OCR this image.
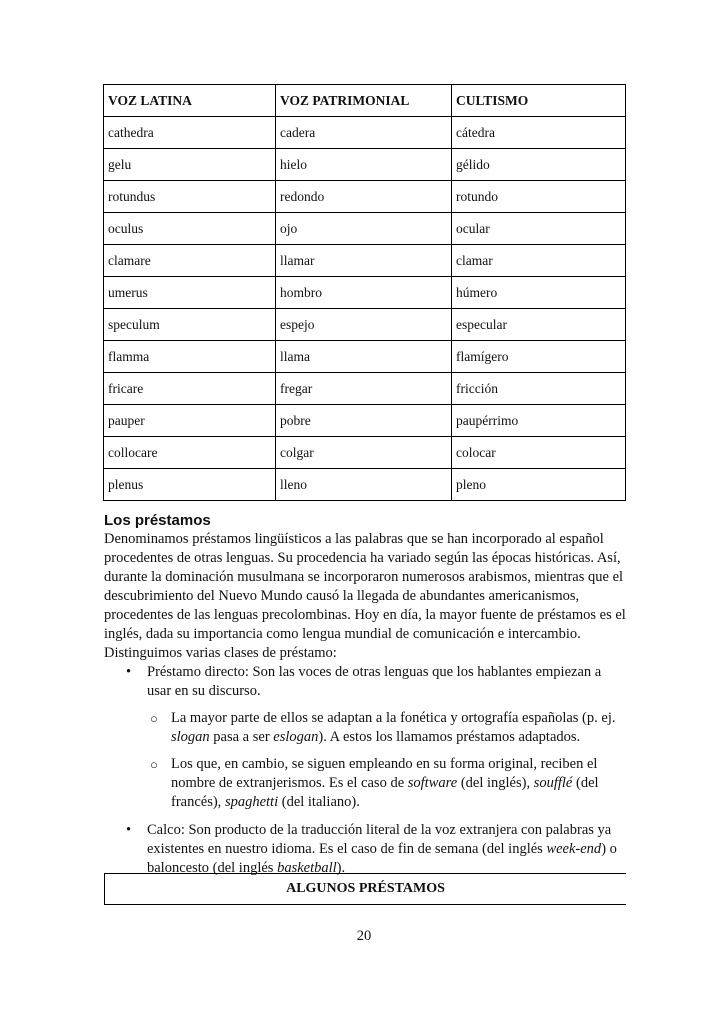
VOZ LATINA	VOZ PATRIMONIAL	CULTISMO
cathedra	cadera	cátedra
gelu	hielo	gélido
rotundus	redondo	rotundo
oculus	ojo	ocular
clamare	llamar	clamar
umerus	hombro	húmero
speculum	espejo	especular
flamma	llama	flamígero
fricare	fregar	fricción
pauper	pobre	paupérrimo
collocare	colgar	colocar
plenus	lleno	pleno
Los préstamos

Denominamos préstamos lingüísticos a las palabras que se han incorporado al español procedentes de otras lenguas. Su procedencia ha variado según las épocas históricas. Así, durante la dominación musulmana se incorporaron numerosos arabismos, mientras que el descubrimiento del Nuevo Mundo causó la llegada de abundantes americanismos, procedentes de las lenguas precolombinas. Hoy en día, la mayor fuente de préstamos es el inglés, dada su importancia como lengua mundial de comunicación e intercambio. Distinguimos varias clases de préstamo:

• Préstamo directo: Son las voces de otras lenguas que los hablantes empiezan a usar en su discurso.
○ La mayor parte de ellos se adaptan a la fonética y ortografía españolas (p. ej. slogan pasa a ser eslogan). A estos los llamamos préstamos adaptados.
○ Los que, en cambio, se siguen empleando en su forma original, reciben el nombre de extranjerismos. Es el caso de software (del inglés), soufflé (del francés), spaghetti (del italiano).
• Calco: Son producto de la traducción literal de la voz extranjera con palabras ya existentes en nuestro idioma. Es el caso de fin de semana (del inglés week-end) o baloncesto (del inglés basketball).
ALGUNOS PRÉSTAMOS
20
